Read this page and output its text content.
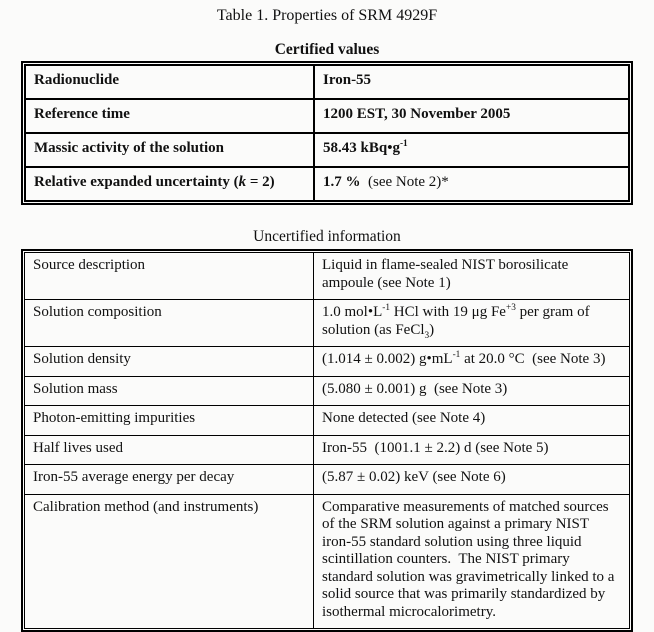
Table 1. Properties of SRM 4929F

Certified values

Radionuclide	Iron-55
Reference time	1200 EST, 30 November 2005
Massic activity of the solution	58.43 $kBq•g^{-1}$
Relative expanded uncertainty (k = 2)	1.7 %  (see Note 2)*

Uncertified information

Source description	Liquid in flame-sealed NIST borosilicate ampoule (see Note 1)
Solution composition	1.0 $mol•L^{-1}$ HCl with 19 μg $Fe^{+3}$ per gram of solution (as FeCl$_3$)
Solution density	(1.014 ± 0.002) $g•mL^{-1}$ at 20.0 °C  (see Note 3)
Solution mass	(5.080 ± 0.001) g  (see Note 3)
Photon-emitting impurities	None detected (see Note 4)
Half lives used	Iron-55  (1001.1 ± 2.2) d (see Note 5)
Iron-55 average energy per decay	(5.87 ± 0.02) keV (see Note 6)
Calibration method (and instruments)	Comparative measurements of matched sources of the SRM solution against a primary NIST iron-55 standard solution using three liquid scintillation counters.  The NIST primary standard solution was gravimetrically linked to a solid source that was primarily standardized by isothermal microcalorimetry.
